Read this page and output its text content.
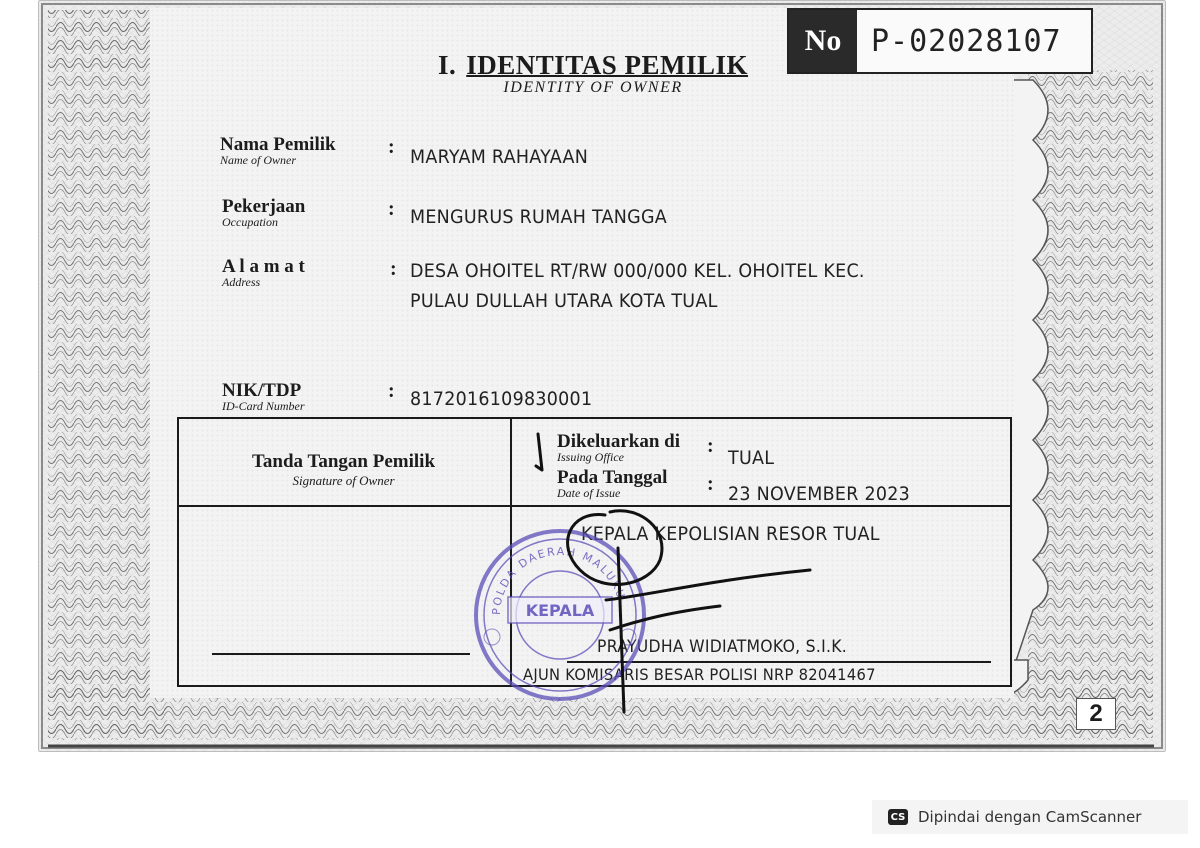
No P-02028107
I. IDENTITAS PEMILIK
IDENTITY OF OWNER
Nama Pemilik
Name of Owner
: MARYAM RAHAYAAN
Pekerjaan
Occupation
: MENGURUS RUMAH TANGGA
A l a m a t
Address
: DESA OHOITEL RT/RW 000/000 KEL. OHOITEL KEC.
PULAU DULLAH UTARA KOTA TUAL
NIK/TDP
ID-Card Number
: 8172016109830001
Tanda Tangan Pemilik
Signature of Owner
Dikeluarkan di
Issuing Office	:
TUAL
Pada Tanggal
Date of Issue	: 23 NOVEMBER 2023
KEPALA KEPOLISIAN RESOR TUAL
PRAYUDHA WIDIATMOKO, S.I.K.
AJUN KOMISARIS BESAR POLISI NRP 82041467
POLDA DAERAH MALUKU
KEPALA
2
CS Dipindai dengan CamScanner
